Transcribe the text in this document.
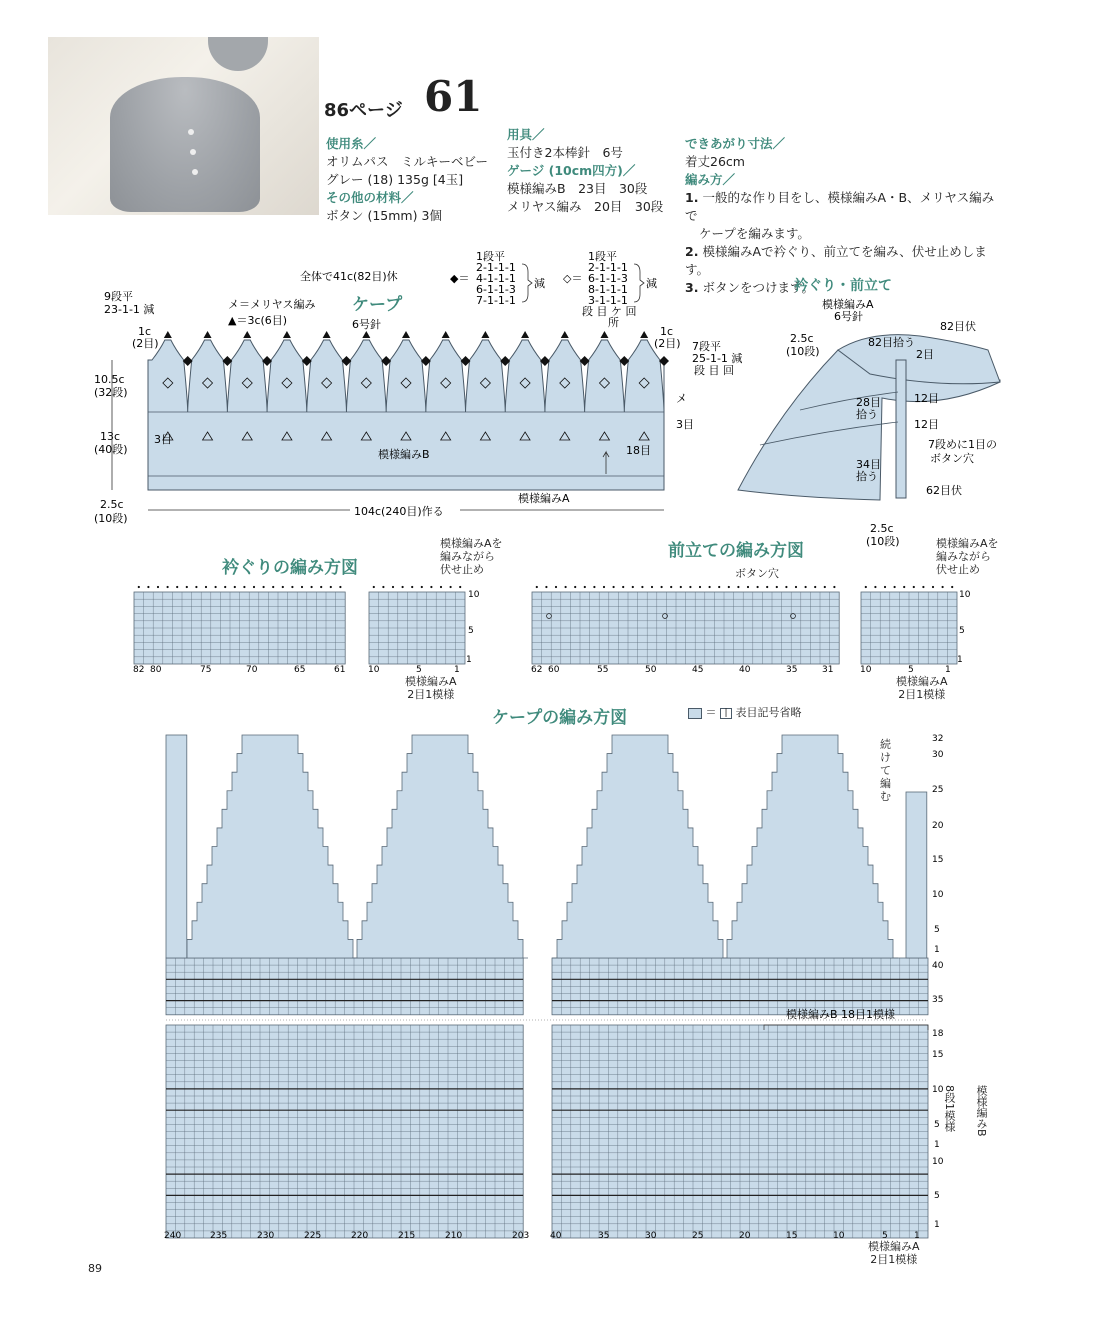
86ページ 61
使用糸／
オリムパス　ミルキーベビー
グレー (18) 135g [4玉]
その他の材料／
ボタン (15mm) 3個
用具／
玉付き2本棒針　6号
ゲージ (10cm四方)／
模様編みB　23目　30段
メリヤス編み　20目　30段
できあがり寸法／
着丈26cm
編み方／
1. 一般的な作り目をし、模様編みA・B、メリヤス編みで
ケープを編みます。
2. 模様編みAで衿ぐり、前立てを編み、伏せ止めします。
3. ボタンをつけます。
ケープ
6号針
メ＝メリヤス編み
▲＝3c(6目)
全体で41c(82目)休
1段平
◆＝
2-1-1-1
4-1-1-1
6-1-1-3
7-1-1-1
減
1段平
◇＝
2-1-1-1
6-1-1-3
8-1-1-1
3-1-1-1
段 目 ケ 回
所
減
9段平
23-1-1 減
1c
(2目)
1c
(2目) 7段平
25-1-1 減
段 目 回
10.5c
(32段)
13c
(40段)
2.5c
(10段)
3目
3目
メ
18目
模様編みB
模様編みA
104c(240目)作る
衿ぐり・前立て
模様編みA
6号針
82目伏
82目拾う
2.5c
(10段)	2目
28目
拾う
12目
12目
7段めに1目の
ボタン穴
34目
拾う
62目伏
2.5c
(10段)
衿ぐりの編み方図
模様編みAを
編みながら
伏せ止め
前立ての編み方図
ボタン穴
模様編みAを
編みながら
伏せ止め
10
5
1
10
5
1
82 80	75	70	65	61	10	5	1	62 60	55	50	45	40	35	31	10	5	1
模様編みA
2目1模様
模様編みA
2目1模様
ケープの編み方図	＝ | 表目記号省略
続けて編む
32
30
25
20
15
10
5
1
40
35
18
15
10
5
1
10
5
1
模様編みB 18目1模様
240	235	230	225	220	215	210	203 40	35	30	25	20	15	10	5	1
模様編みB
8段1模様
模様編みA
2目1模様
89
